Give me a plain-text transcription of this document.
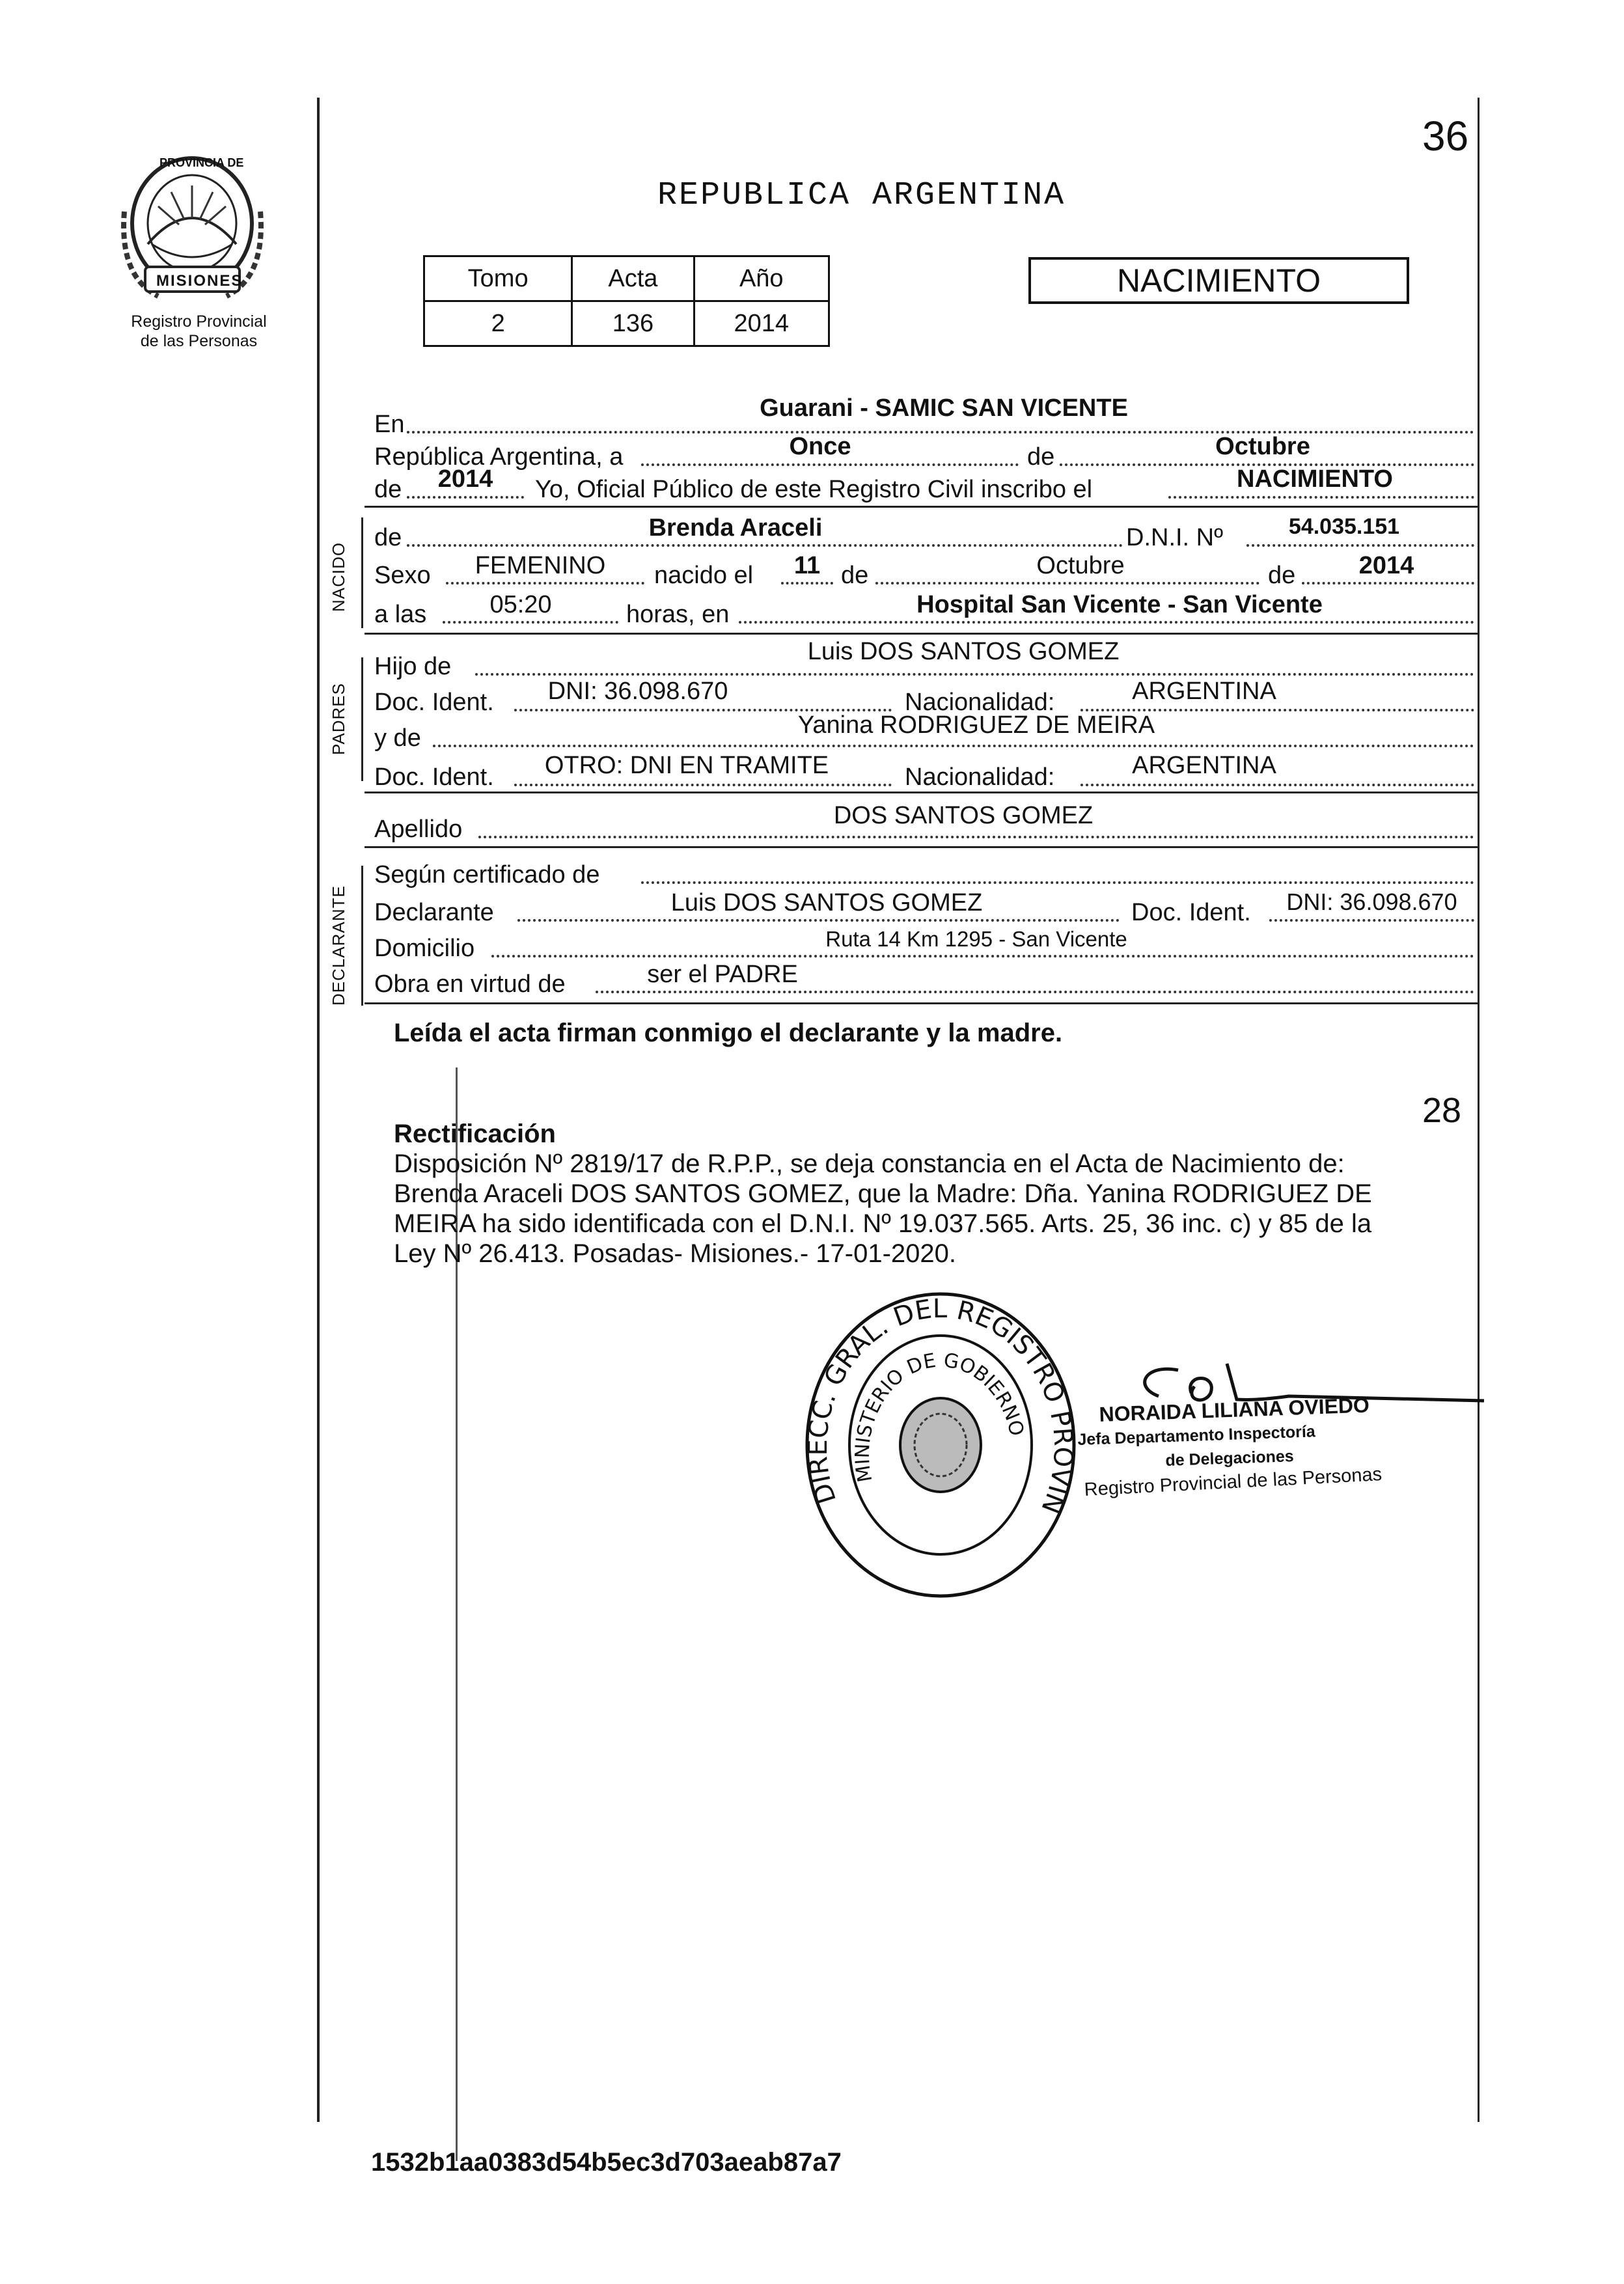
36
PROVINCIA DE
MISIONES
Registro Provincial
de las Personas
REPUBLICA ARGENTINA
Tomo	Acta	Año
2	136	2014
NACIMIENTO
NACIDO
PADRES
DECLARANTE
En
Guarani - SAMIC SAN VICENTE
República Argentina, a	Once	de	Octubre
de	2014	Yo, Oficial Público de este Registro Civil inscribo el	NACIMIENTO
de	Brenda Araceli	D.N.I. Nº	54.035.151
Sexo	FEMENINO	nacido el	11 de	Octubre	de	2014
a las	05:20	horas, en	Hospital San Vicente - San Vicente
Hijo de
Luis DOS SANTOS GOMEZ
Doc. Ident.	DNI: 36.098.670	Nacionalidad:	ARGENTINA
y de	Yanina RODRIGUEZ DE MEIRA
Doc. Ident.	OTRO: DNI EN TRAMITE	Nacionalidad:	ARGENTINA
Apellido	DOS SANTOS GOMEZ
Según certificado de
Declarante	Luis DOS SANTOS GOMEZ	Doc. Ident.	DNI: 36.098.670
Domicilio	Ruta 14 Km 1295 - San Vicente
Obra en virtud de	ser el PADRE
Leída el acta firman conmigo el declarante y la madre.
28
Rectificación
Disposición Nº 2819/17 de R.P.P., se deja constancia en el Acta de Nacimiento de:
Brenda Araceli DOS SANTOS GOMEZ, que la Madre: Dña. Yanina RODRIGUEZ DE
MEIRA ha sido identificada con el D.N.I. Nº 19.037.565. Arts. 25, 36 inc. c) y 85 de la
Ley Nº 26.413. Posadas- Misiones.- 17-01-2020.
DIRECC. GRAL. DEL REGISTRO PROVIN
MINISTERIO DE GOBIERNO
NORAIDA LILIANA OVIEDO
Jefa Departamento Inspectoría
de Delegaciones
Registro Provincial de las Personas
1532b1aa0383d54b5ec3d703aeab87a7
